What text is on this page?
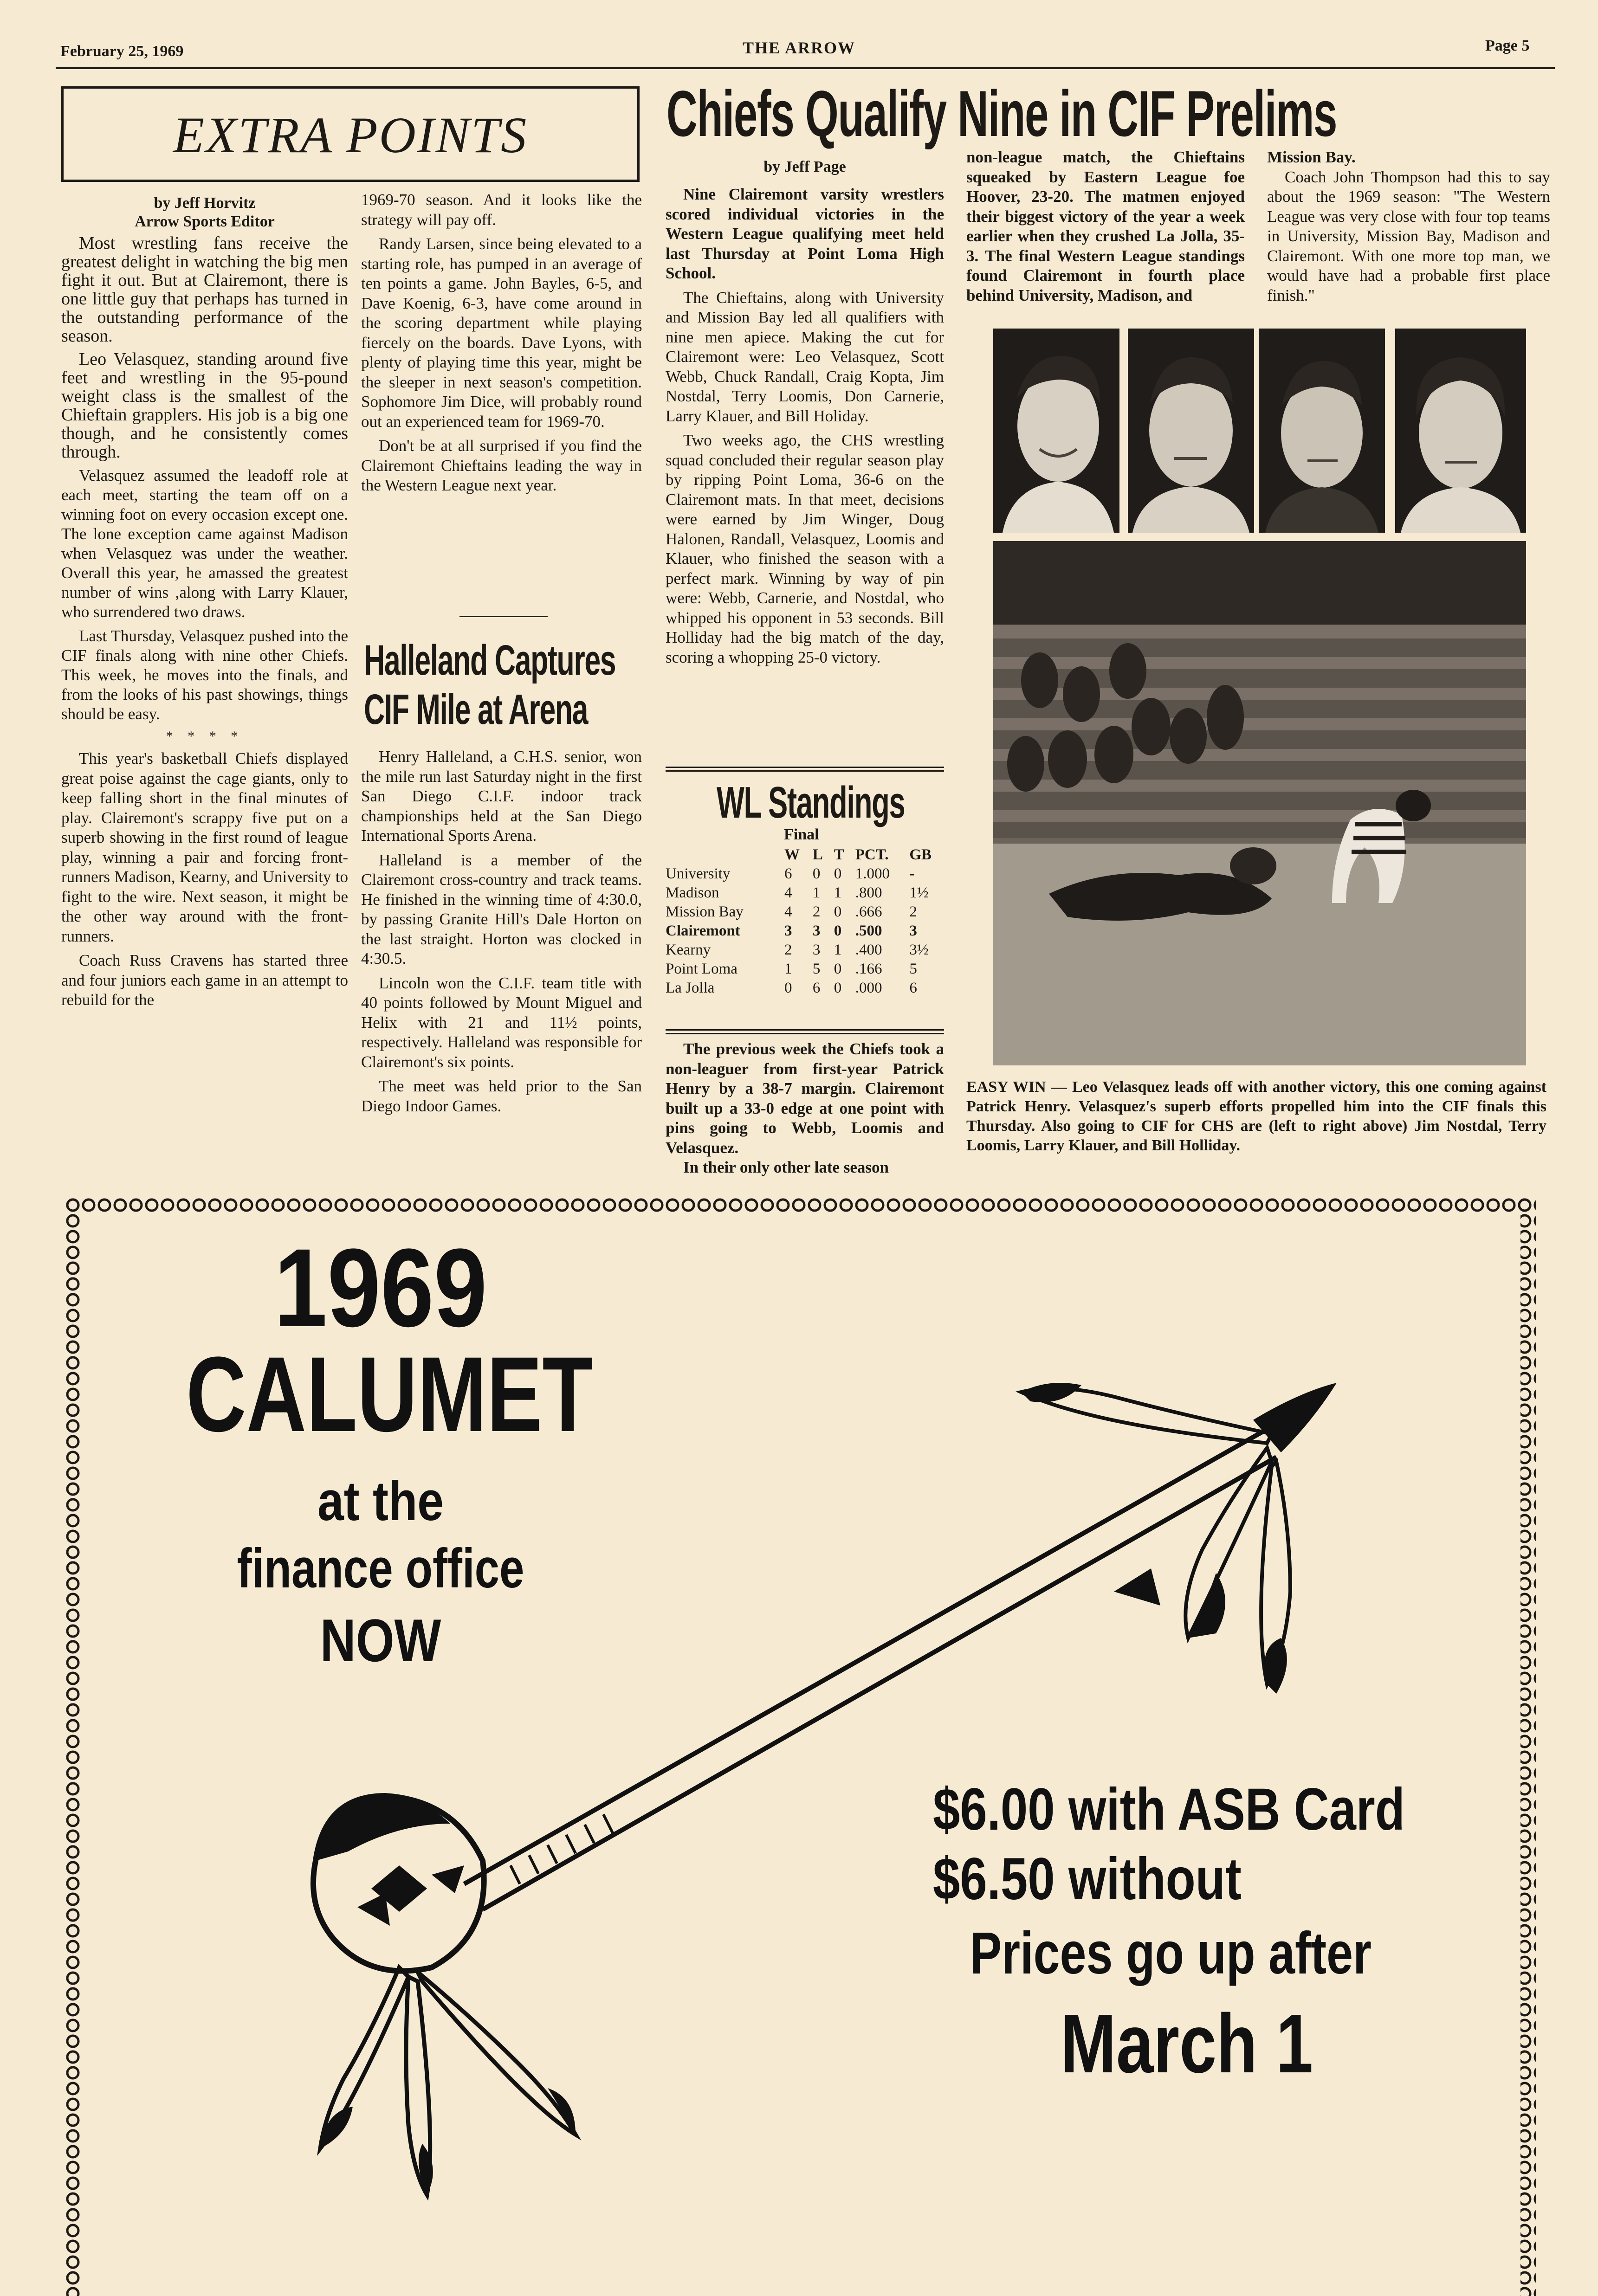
February 25, 1969	THE ARROW	Page 5
EXTRA POINTS
by Jeff Horvitz
Arrow Sports Editor

Most wrestling fans receive the greatest delight in watching the big men fight it out. But at Clairemont, there is one little guy that perhaps has turned in the outstanding performance of the season.

Leo Velasquez, standing around five feet and wrestling in the 95-pound weight class is the smallest of the Chieftain grapplers. His job is a big one though, and he consistently comes through.

Velasquez assumed the leadoff role at each meet, starting the team off on a winning foot on every occasion except one. The lone exception came against Madison when Velasquez was under the weather. Overall this year, he amassed the greatest number of wins ,along with Larry Klauer, who surrendered two draws.

Last Thursday, Velasquez pushed into the CIF finals along with nine other Chiefs. This week, he moves into the finals, and from the looks of his past showings, things should be easy.

* * * *

This year's basketball Chiefs displayed great poise against the cage giants, only to keep falling short in the final minutes of play. Clairemont's scrappy five put on a superb showing in the first round of league play, winning a pair and forcing front-runners Madison, Kearny, and University to fight to the wire. Next season, it might be the other way around with the front-runners.

Coach Russ Cravens has started three and four juniors each game in an attempt to rebuild for the

1969-70 season. And it looks like the strategy will pay off.

Randy Larsen, since being elevated to a starting role, has pumped in an average of ten points a game. John Bayles, 6-5, and Dave Koenig, 6-3, have come around in the scoring department while playing fiercely on the boards. Dave Lyons, with plenty of playing time this year, might be the sleeper in next season's competition. Sophomore Jim Dice, will probably round out an experienced team for 1969-70.

Don't be at all surprised if you find the Clairemont Chieftains leading the way in the Western League next year.

Halleland Captures
CIF Mile at Arena

Henry Halleland, a C.H.S. senior, won the mile run last Saturday night in the first San Diego C.I.F. indoor track championships held at the San Diego International Sports Arena.

Halleland is a member of the Clairemont cross-country and track teams. He finished in the winning time of 4:30.0, by passing Granite Hill's Dale Horton on the last straight. Horton was clocked in 4:30.5.

Lincoln won the C.I.F. team title with 40 points followed by Mount Miguel and Helix with 21 and 11½ points, respectively. Halleland was responsible for Clairemont's six points.

The meet was held prior to the San Diego Indoor Games.

Chiefs Qualify Nine in CIF Prelims
by Jeff Page

Nine Clairemont varsity wrestlers scored individual victories in the Western League qualifying meet held last Thursday at Point Loma High School.

The Chieftains, along with University and Mission Bay led all qualifiers with nine men apiece. Making the cut for Clairemont were: Leo Velasquez, Scott Webb, Chuck Randall, Craig Kopta, Jim Nostdal, Terry Loomis, Don Carnerie, Larry Klauer, and Bill Holiday.

Two weeks ago, the CHS wrestling squad concluded their regular season play by ripping Point Loma, 36-6 on the Clairemont mats. In that meet, decisions were earned by Jim Winger, Doug Halonen, Randall, Velasquez, Loomis and Klauer, who finished the season with a perfect mark. Winning by way of pin were: Webb, Carnerie, and Nostdal, who whipped his opponent in 53 seconds. Bill Holliday had the big match of the day, scoring a whopping 25-0 victory.

WL Standings
Final
	W	L	T	PCT.	GB
University	6	0	0	1.000	-
Madison	4	1	1	.800	1½
Mission Bay	4	2	0	.666	2
Clairemont	3	3	0	.500	3
Kearny	2	3	1	.400	3½
Point Loma	1	5	0	.166	5
La Jolla	0	6	0	.000	6

The previous week the Chiefs took a non-leaguer from first-year Patrick Henry by a 38-7 margin. Clairemont built up a 33-0 edge at one point with pins going to Webb, Loomis and Velasquez.

In their only other late season

non-league match, the Chieftains squeaked by Eastern League foe Hoover, 23-20. The matmen enjoyed their biggest victory of the year a week earlier when they crushed La Jolla, 35-3. The final Western League standings found Clairemont in fourth place behind University, Madison, and

Mission Bay.

Coach John Thompson had this to say about the 1969 season: "The Western League was very close with four top teams in University, Mission Bay, Madison and Clairemont. With one more top man, we would have had a probable first place finish."

EASY WIN — Leo Velasquez leads off with another victory, this one coming against Patrick Henry. Velasquez's superb efforts propelled him into the CIF finals this Thursday. Also going to CIF for CHS are (left to right above) Jim Nostdal, Terry Loomis, Larry Klauer, and Bill Holliday.
1969
CALUMET
at the
finance office
NOW
$6.00 with ASB Card
$6.50 without
Prices go up after
March 1
